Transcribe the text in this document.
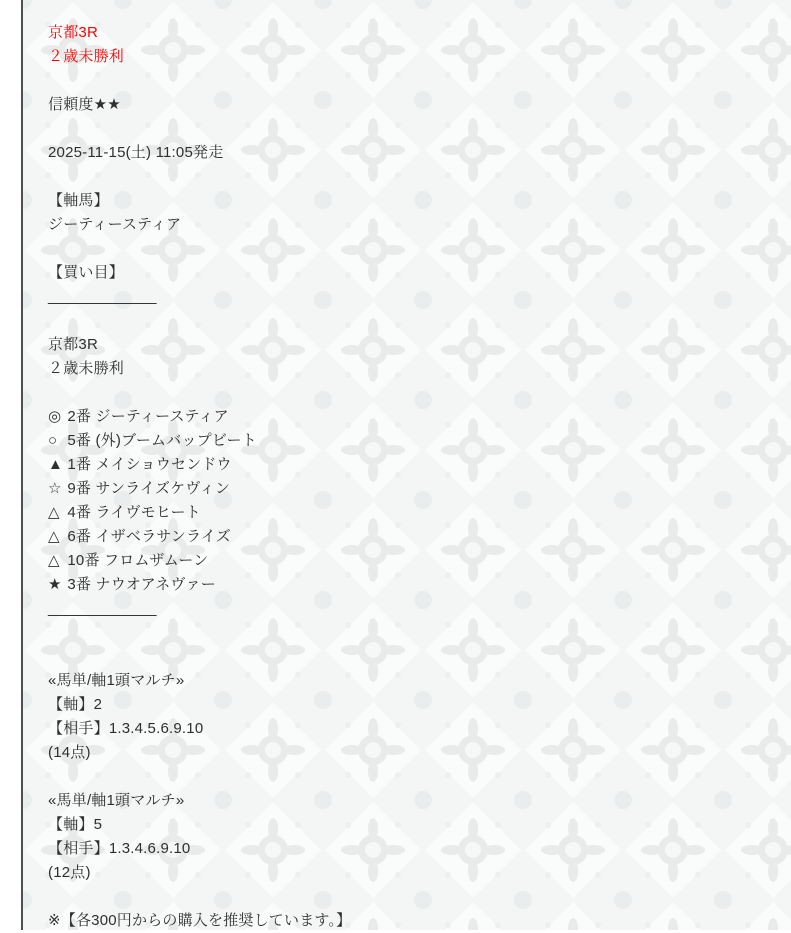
京都3R
２歳未勝利
信頼度★★
2025-11-15(土) 11:05発走
【軸馬】
ジーティースティア
【買い目】
_____________
京都3R
２歳未勝利
◎ 2番 ジーティースティア
○ 5番 (外)ブームバップビート
▲ 1番 メイショウセンドウ
☆ 9番 サンライズケヴィン
△ 4番 ライヴモヒート
△ 6番 イザベラサンライズ
△ 10番 フロムザムーン
★ 3番 ナウオアネヴァー
_____________
«馬単/軸1頭マルチ»
【軸】2
【相手】1.3.4.5.6.9.10
(14点)
«馬単/軸1頭マルチ»
【軸】5
【相手】1.3.4.6.9.10
(12点)
※【各300円からの購入を推奨しています。】
